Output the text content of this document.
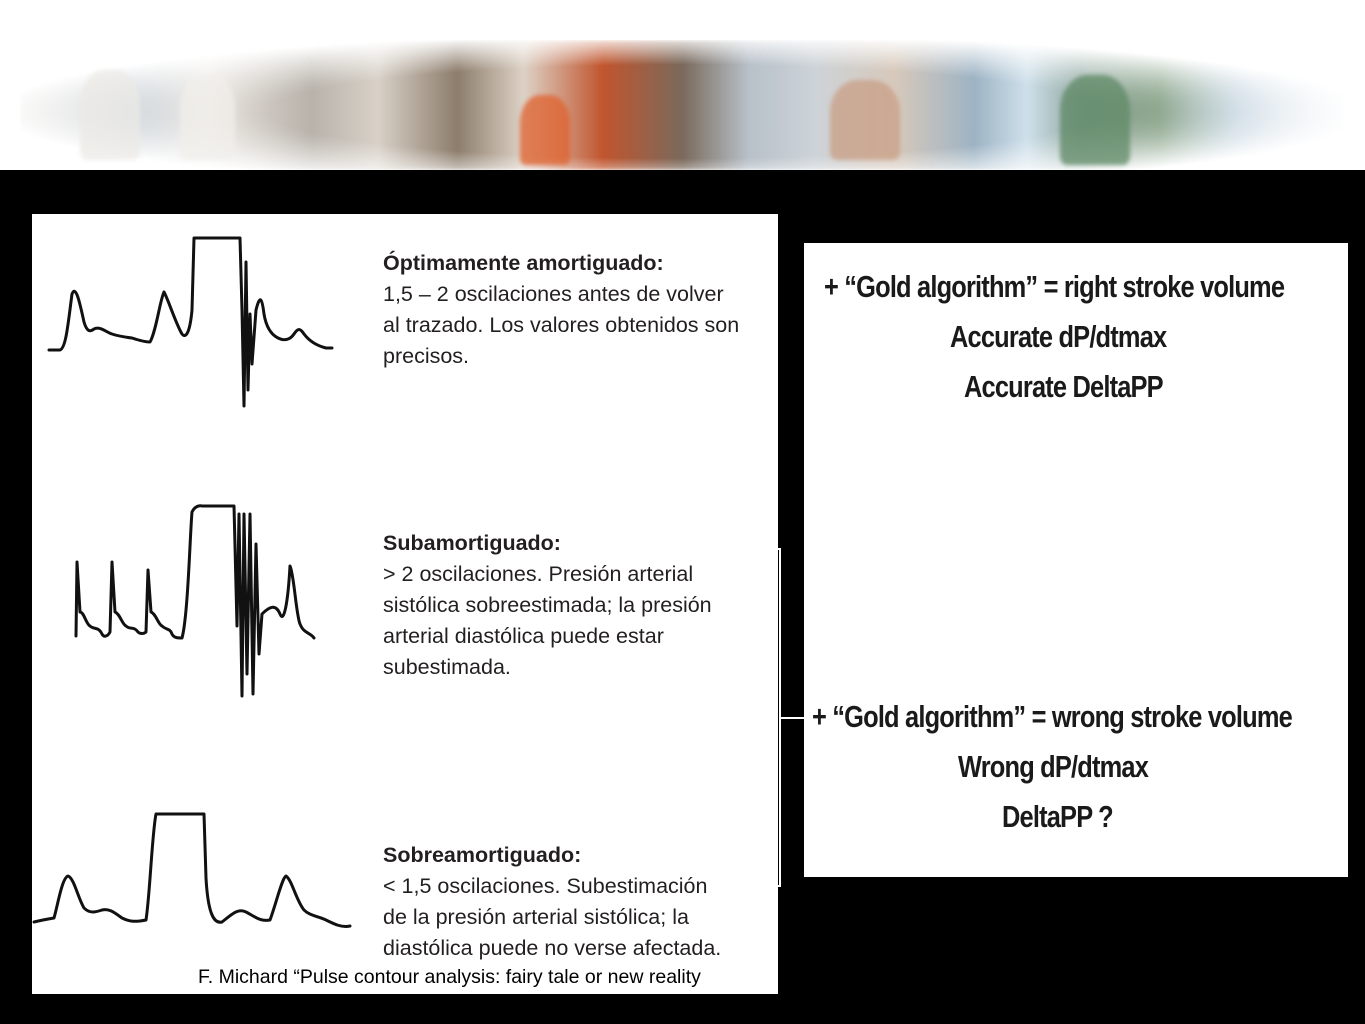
Óptimamente amortiguado:
1,5 – 2 oscilaciones antes de volver
al trazado. Los valores obtenidos son
precisos.
Subamortiguado:
> 2 oscilaciones. Presión arterial
sistólica sobreestimada; la presión
arterial diastólica puede estar
subestimada.
Sobreamortiguado:
< 1,5 oscilaciones. Subestimación
de la presión arterial sistólica; la
diastólica puede no verse afectada.
F. Michard “Pulse contour analysis: fairy tale or new reality
+ “Gold algorithm” = right stroke volume
Accurate dP/dtmax
Accurate DeltaPP
+ “Gold algorithm” = wrong stroke volume
Wrong dP/dtmax
DeltaPP ?
